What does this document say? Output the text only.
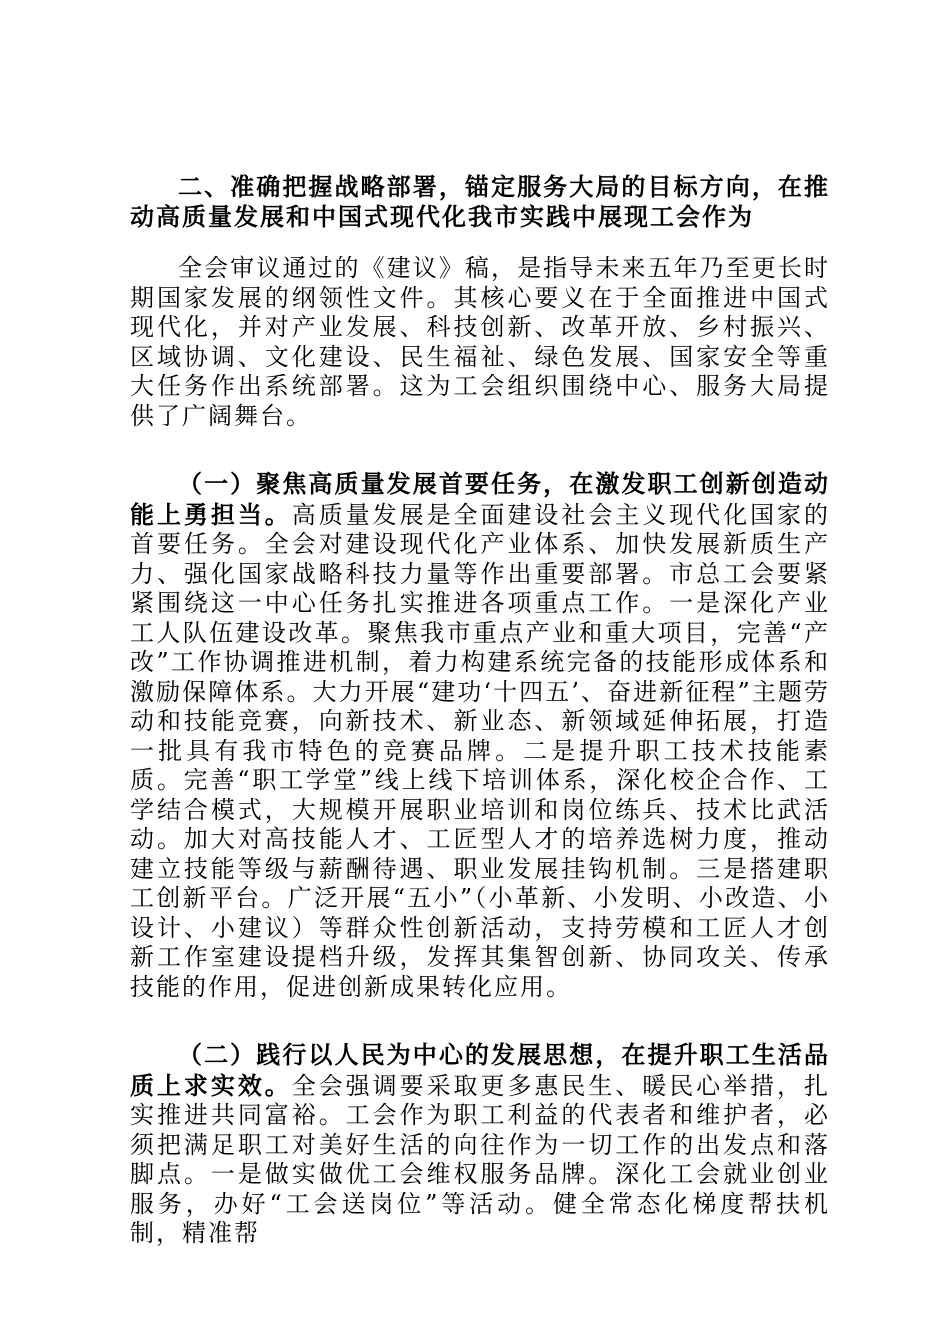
二、准确把握战略部署，锚定服务大局的目标方向，在推动高质量发展和中国式现代化我市实践中展现工会作为

全会审议通过的《建议》稿，是指导未来五年乃至更长时期国家发展的纲领性文件。其核心要义在于全面推进中国式现代化，并对产业发展、科技创新、改革开放、乡村振兴、区域协调、文化建设、民生福祉、绿色发展、国家安全等重大任务作出系统部署。这为工会组织围绕中心、服务大局提供了广阔舞台。

（一）聚焦高质量发展首要任务，在激发职工创新创造动能上勇担当。高质量发展是全面建设社会主义现代化国家的首要任务。全会对建设现代化产业体系、加快发展新质生产力、强化国家战略科技力量等作出重要部署。市总工会要紧紧围绕这一中心任务扎实推进各项重点工作。一是深化产业工人队伍建设改革。聚焦我市重点产业和重大项目，完善“产改”工作协调推进机制，着力构建系统完备的技能形成体系和激励保障体系。大力开展“建功‘十四五’、奋进新征程”主题劳动和技能竞赛，向新技术、新业态、新领域延伸拓展，打造一批具有我市特色的竞赛品牌。二是提升职工技术技能素质。完善“职工学堂”线上线下培训体系，深化校企合作、工学结合模式，大规模开展职业培训和岗位练兵、技术比武活动。加大对高技能人才、工匠型人才的培养选树力度，推动建立技能等级与薪酬待遇、职业发展挂钩机制。三是搭建职工创新平台。广泛开展“五小”（小革新、小发明、小改造、小设计、小建议）等群众性创新活动，支持劳模和工匠人才创新工作室建设提档升级，发挥其集智创新、协同攻关、传承技能的作用，促进创新成果转化应用。

（二）践行以人民为中心的发展思想，在提升职工生活品质上求实效。全会强调要采取更多惠民生、暖民心举措，扎实推进共同富裕。工会作为职工利益的代表者和维护者，必须把满足职工对美好生活的向往作为一切工作的出发点和落脚点。一是做实做优工会维权服务品牌。深化工会就业创业服务，办好“工会送岗位”等活动。健全常态化梯度帮扶机制，精准帮
